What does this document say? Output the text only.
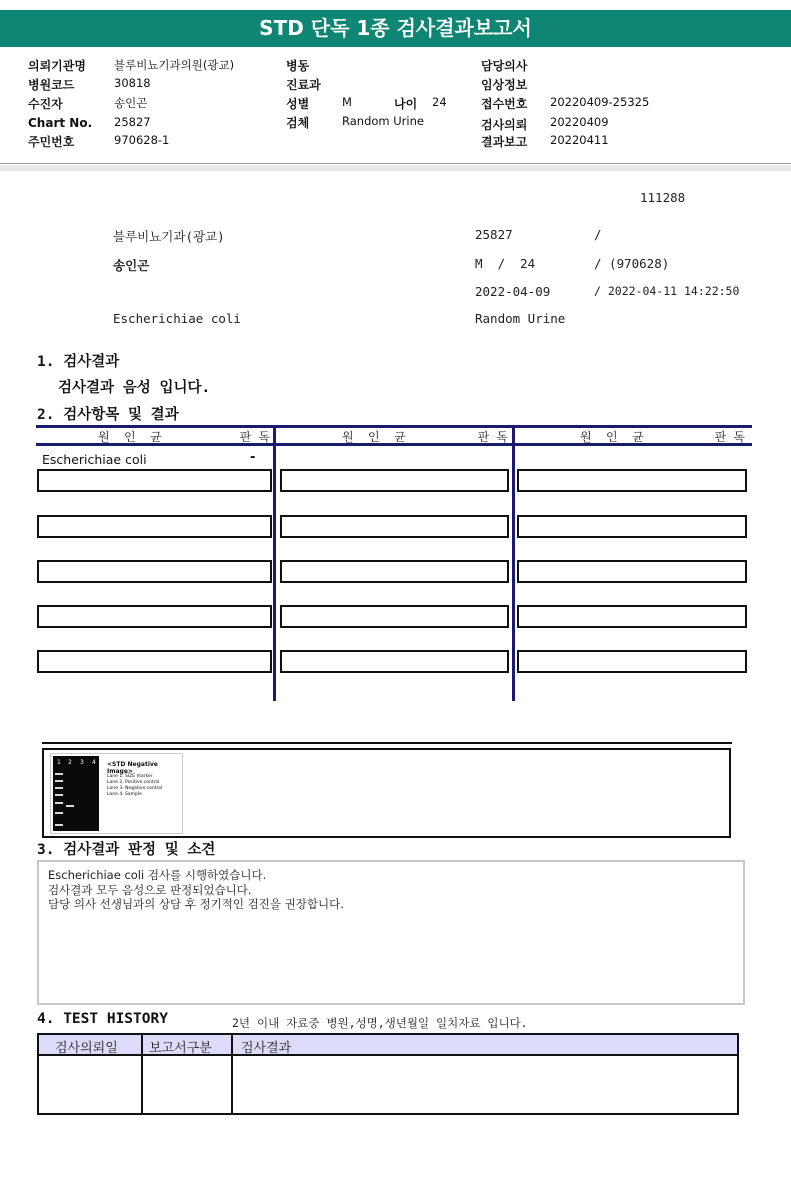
STD 단독 1종 검사결과보고서
의뢰기관명 블루비뇨기과의원(광교)
병원코드	30818
수진자	송인곤
Chart No. 25827
주민번호	970628-1
병동
진료과
성별	M	나이 24
검체	Random Urine
담당의사
임상정보
접수번호 20220409-25325
검사의뢰 20220409
결과보고 20220411
111288
블루비뇨기과(광교)	25827	/
송인곤	M  /  24	/ (970628)
2022-04-09	/ 2022-04-11 14:22:50
Escherichiae coli	Random Urine
1. 검사결과
검사결과 음성 입니다.
2. 검사항목 및 결과
원  인  균	판 독	원  인  균	판 독	원  인  균	판 독
Escherichiae coli	-
1 2 3 4 <STD Negative Image>
Lane 1. SIZE marker
Lane 2. Positive control
Lane 3. Negative control
Lane 4. Sample
3. 검사결과 판정 및 소견
Escherichiae coli 검사를 시행하였습니다.
검사결과 모두 음성으로 판정되었습니다.
담당 의사 선생님과의 상담 후 정기적인 검진을 권장합니다.
4. TEST HISTORY	2년 이내 자료중 병원,성명,생년월일 일치자료 입니다.
검사의뢰일 보고서구분 검사결과
